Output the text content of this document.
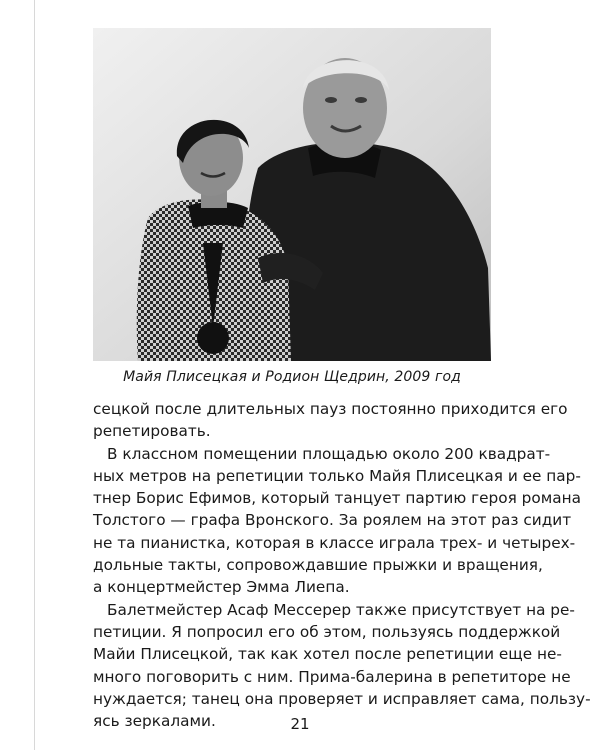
Майя Плисецкая и Родион Щедрин, 2009 год
сецкой после длительных пауз постоянно приходится его
репетировать.
В классном помещении площадью около 200 квадрат-
ных метров на репетиции только Майя Плисецкая и ее пар-
тнер Борис Ефимов, который танцует партию героя романа
Толстого — графа Вронского. За роялем на этот раз сидит
не та пианистка, которая в классе играла трех- и четырех-
дольные такты, сопровождавшие прыжки и вращения,
а концертмейстер Эмма Лиепа.
Балетмейстер Асаф Мессерер также присутствует на ре-
петиции. Я попросил его об этом, пользуясь поддержкой
Майи Плисецкой, так как хотел после репетиции еще не-
много поговорить с ним. Прима-балерина в репетиторе не
нуждается; танец она проверяет и исправляет сама, пользу-
ясь зеркалами.	21
